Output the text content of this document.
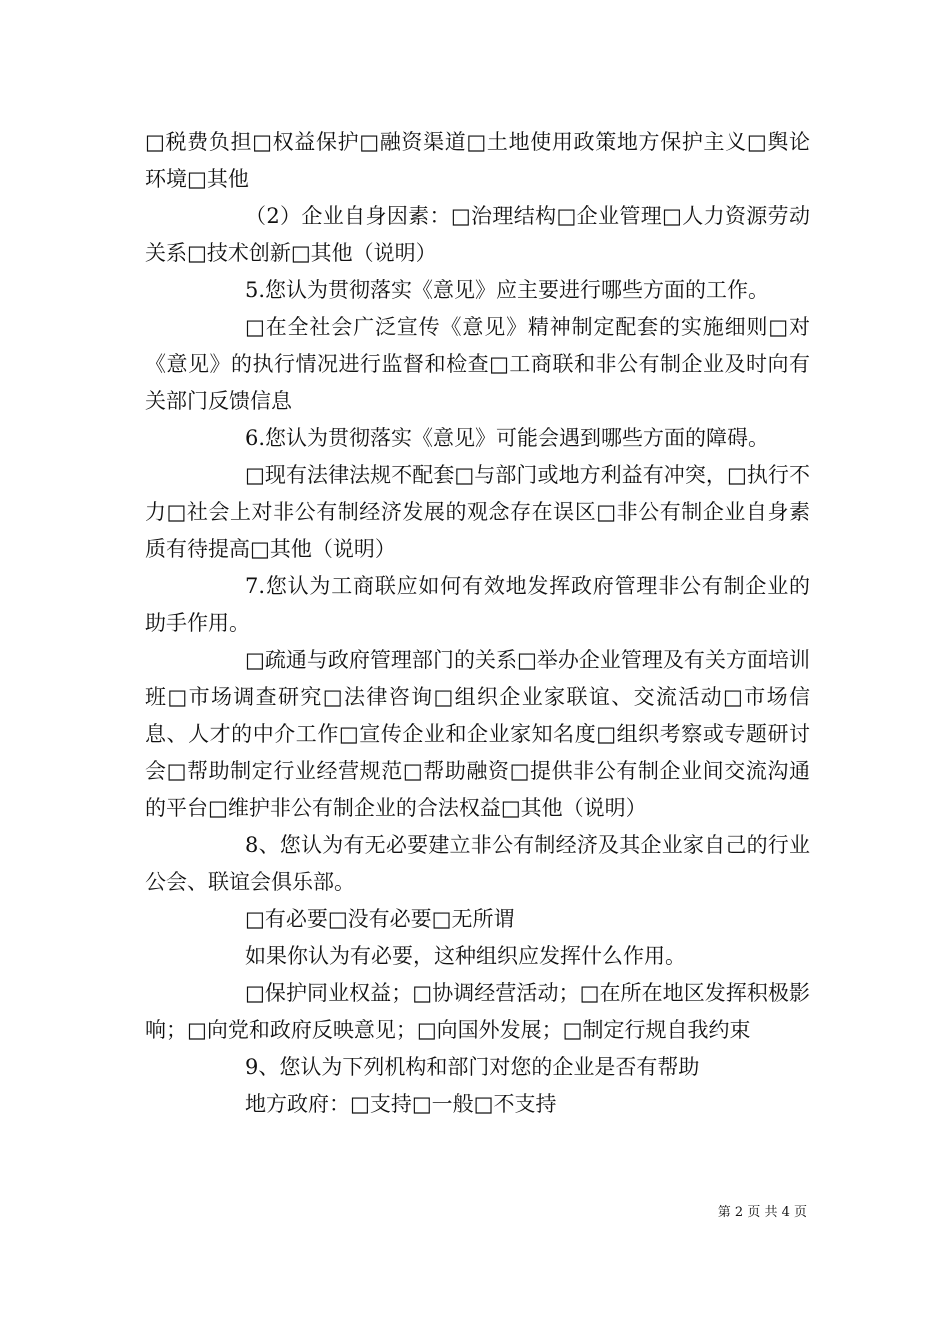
□税费负担□权益保护□融资渠道□土地使用政策地方保护主义□舆论环境□其他

（2）企业自身因素：□治理结构□企业管理□人力资源劳动关系□技术创新□其他（说明）

5.您认为贯彻落实《意见》应主要进行哪些方面的工作。

□在全社会广泛宣传《意见》精神制定配套的实施细则□对《意见》的执行情况进行监督和检查□工商联和非公有制企业及时向有关部门反馈信息

6.您认为贯彻落实《意见》可能会遇到哪些方面的障碍。

□现有法律法规不配套□与部门或地方利益有冲突，□执行不力□社会上对非公有制经济发展的观念存在误区□非公有制企业自身素质有待提高□其他（说明）

7.您认为工商联应如何有效地发挥政府管理非公有制企业的助手作用。

□疏通与政府管理部门的关系□举办企业管理及有关方面培训班□市场调查研究□法律咨询□组织企业家联谊、交流活动□市场信息、人才的中介工作□宣传企业和企业家知名度□组织考察或专题研讨会□帮助制定行业经营规范□帮助融资□提供非公有制企业间交流沟通的平台□维护非公有制企业的合法权益□其他（说明）

8、您认为有无必要建立非公有制经济及其企业家自己的行业公会、联谊会俱乐部。

□有必要□没有必要□无所谓

如果你认为有必要，这种组织应发挥什么作用。

□保护同业权益；□协调经营活动；□在所在地区发挥积极影响；□向党和政府反映意见；□向国外发展；□制定行规自我约束

9、您认为下列机构和部门对您的企业是否有帮助

地方政府：□支持□一般□不支持

第 2 页 共 4 页
